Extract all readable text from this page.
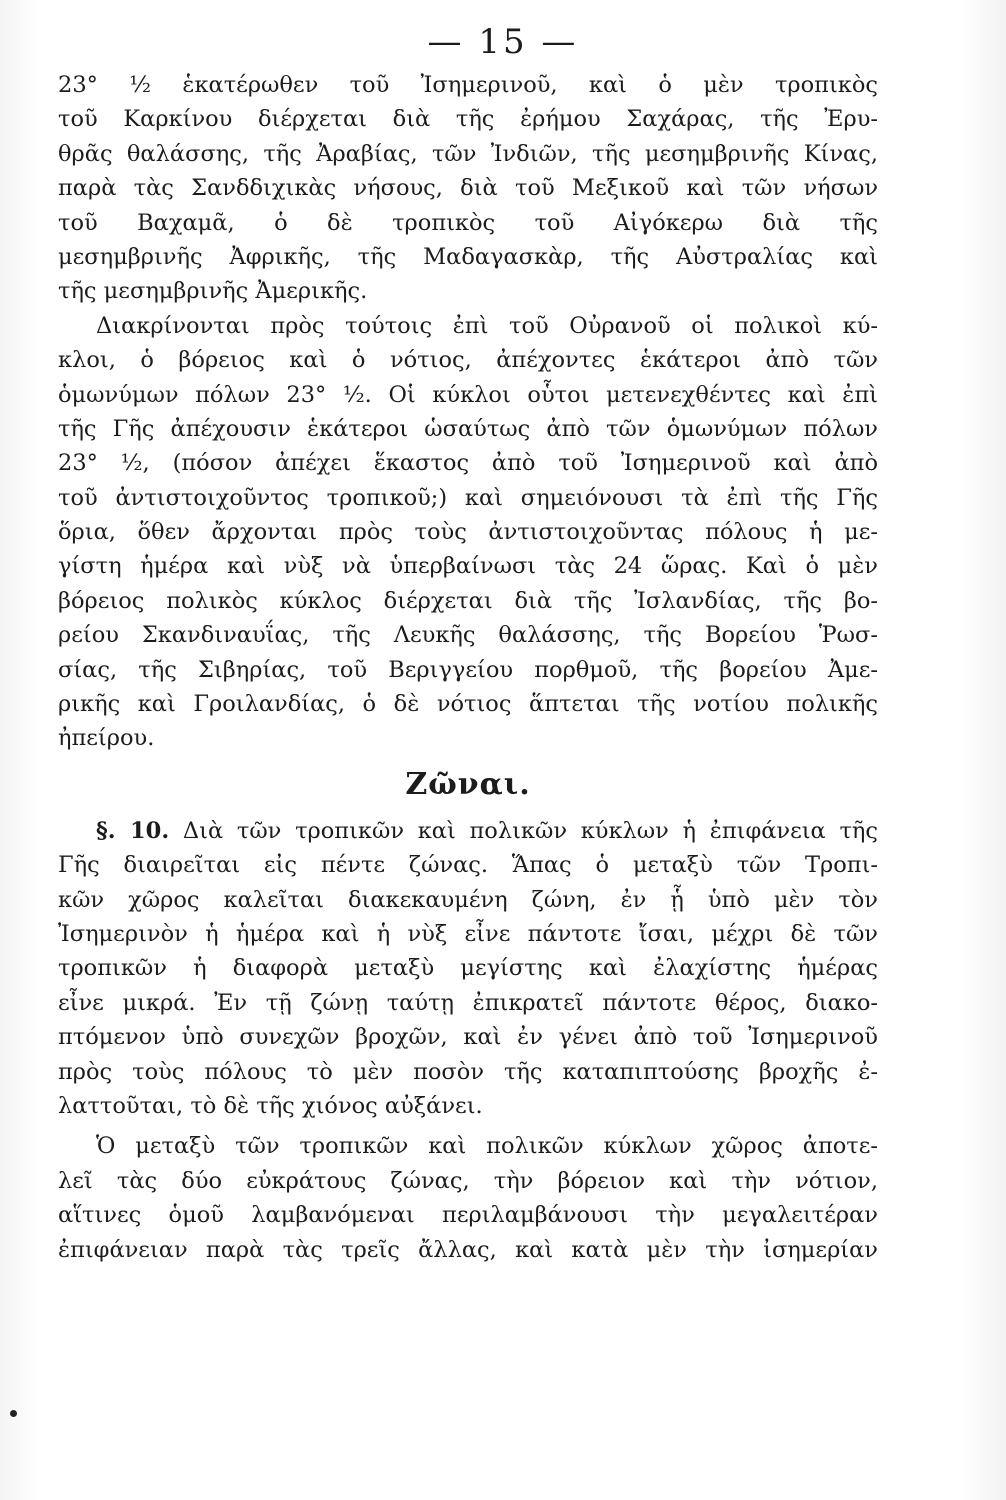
— 15 —
23° ½ ἑκατέρωθεν τοῦ Ἰσημερινοῦ, καὶ ὁ μὲν τροπικὸς
τοῦ Καρκίνου διέρχεται διὰ τῆς ἐρήμου Σαχάρας, τῆς Ἐρυ-
θρᾶς θαλάσσης, τῆς Ἀραβίας, τῶν Ἰνδιῶν, τῆς μεσημβρινῆς Κίνας,
παρὰ τὰς Σανδδιχικὰς νήσους, διὰ τοῦ Μεξικοῦ καὶ τῶν νήσων
τοῦ Βαχαμᾶ, ὁ δὲ τροπικὸς τοῦ Αἰγόκερω διὰ τῆς
μεσημβρινῆς Ἀφρικῆς, τῆς Μαδαγασκὰρ, τῆς Αὐστραλίας καὶ
τῆς μεσημβρινῆς Ἀμερικῆς.
Διακρίνονται πρὸς τούτοις ἐπὶ τοῦ Οὐρανοῦ οἱ πολικοὶ κύ-
κλοι, ὁ βόρειος καὶ ὁ νότιος, ἀπέχοντες ἑκάτεροι ἀπὸ τῶν
ὁμωνύμων πόλων 23° ½. Οἱ κύκλοι οὗτοι μετενεχθέντες καὶ ἐπὶ
τῆς Γῆς ἀπέχουσιν ἑκάτεροι ὡσαύτως ἀπὸ τῶν ὁμωνύμων πόλων
23° ½, (πόσον ἀπέχει ἕκαστος ἀπὸ τοῦ Ἰσημερινοῦ καὶ ἀπὸ
τοῦ ἀντιστοιχοῦντος τροπικοῦ;) καὶ σημειόνουσι τὰ ἐπὶ τῆς Γῆς
ὅρια, ὅθεν ἄρχονται πρὸς τοὺς ἀντιστοιχοῦντας πόλους ἡ με-
γίστη ἡμέρα καὶ νὺξ νὰ ὑπερβαίνωσι τὰς 24 ὥρας. Καὶ ὁ μὲν
βόρειος πολικὸς κύκλος διέρχεται διὰ τῆς Ἰσλανδίας, τῆς βο-
ρείου Σκανδιναυΐας, τῆς Λευκῆς θαλάσσης, τῆς Βορείου Ῥωσ-
σίας, τῆς Σιβηρίας, τοῦ Βεριγγείου πορθμοῦ, τῆς βορείου Ἀμε-
ρικῆς καὶ Γροιλανδίας, ὁ δὲ νότιος ἅπτεται τῆς νοτίου πολικῆς
ἠπείρου.
Ζῶναι.
§. 10. Διὰ τῶν τροπικῶν καὶ πολικῶν κύκλων ἡ ἐπιφάνεια τῆς
Γῆς διαιρεῖται εἰς πέντε ζώνας. Ἅπας ὁ μεταξὺ τῶν Τροπι-
κῶν χῶρος καλεῖται διακεκαυμένη ζώνη, ἐν ᾗ ὑπὸ μὲν τὸν
Ἰσημερινὸν ἡ ἡμέρα καὶ ἡ νὺξ εἶνε πάντοτε ἴσαι, μέχρι δὲ τῶν
τροπικῶν ἡ διαφορὰ μεταξὺ μεγίστης καὶ ἐλαχίστης ἡμέρας
εἶνε μικρά. Ἐν τῇ ζώνῃ ταύτῃ ἐπικρατεῖ πάντοτε θέρος, διακο-
πτόμενον ὑπὸ συνεχῶν βροχῶν, καὶ ἐν γένει ἀπὸ τοῦ Ἰσημερινοῦ
πρὸς τοὺς πόλους τὸ μὲν ποσὸν τῆς καταπιπτούσης βροχῆς ἐ-
λαττοῦται, τὸ δὲ τῆς χιόνος αὐξάνει.
Ὁ μεταξὺ τῶν τροπικῶν καὶ πολικῶν κύκλων χῶρος ἀποτε-
λεῖ τὰς δύο εὐκράτους ζώνας, τὴν βόρειον καὶ τὴν νότιον,
αἵτινες ὁμοῦ λαμβανόμεναι περιλαμβάνουσι τὴν μεγαλειτέραν
ἐπιφάνειαν παρὰ τὰς τρεῖς ἄλλας, καὶ κατὰ μὲν τὴν ἰσημερίαν
